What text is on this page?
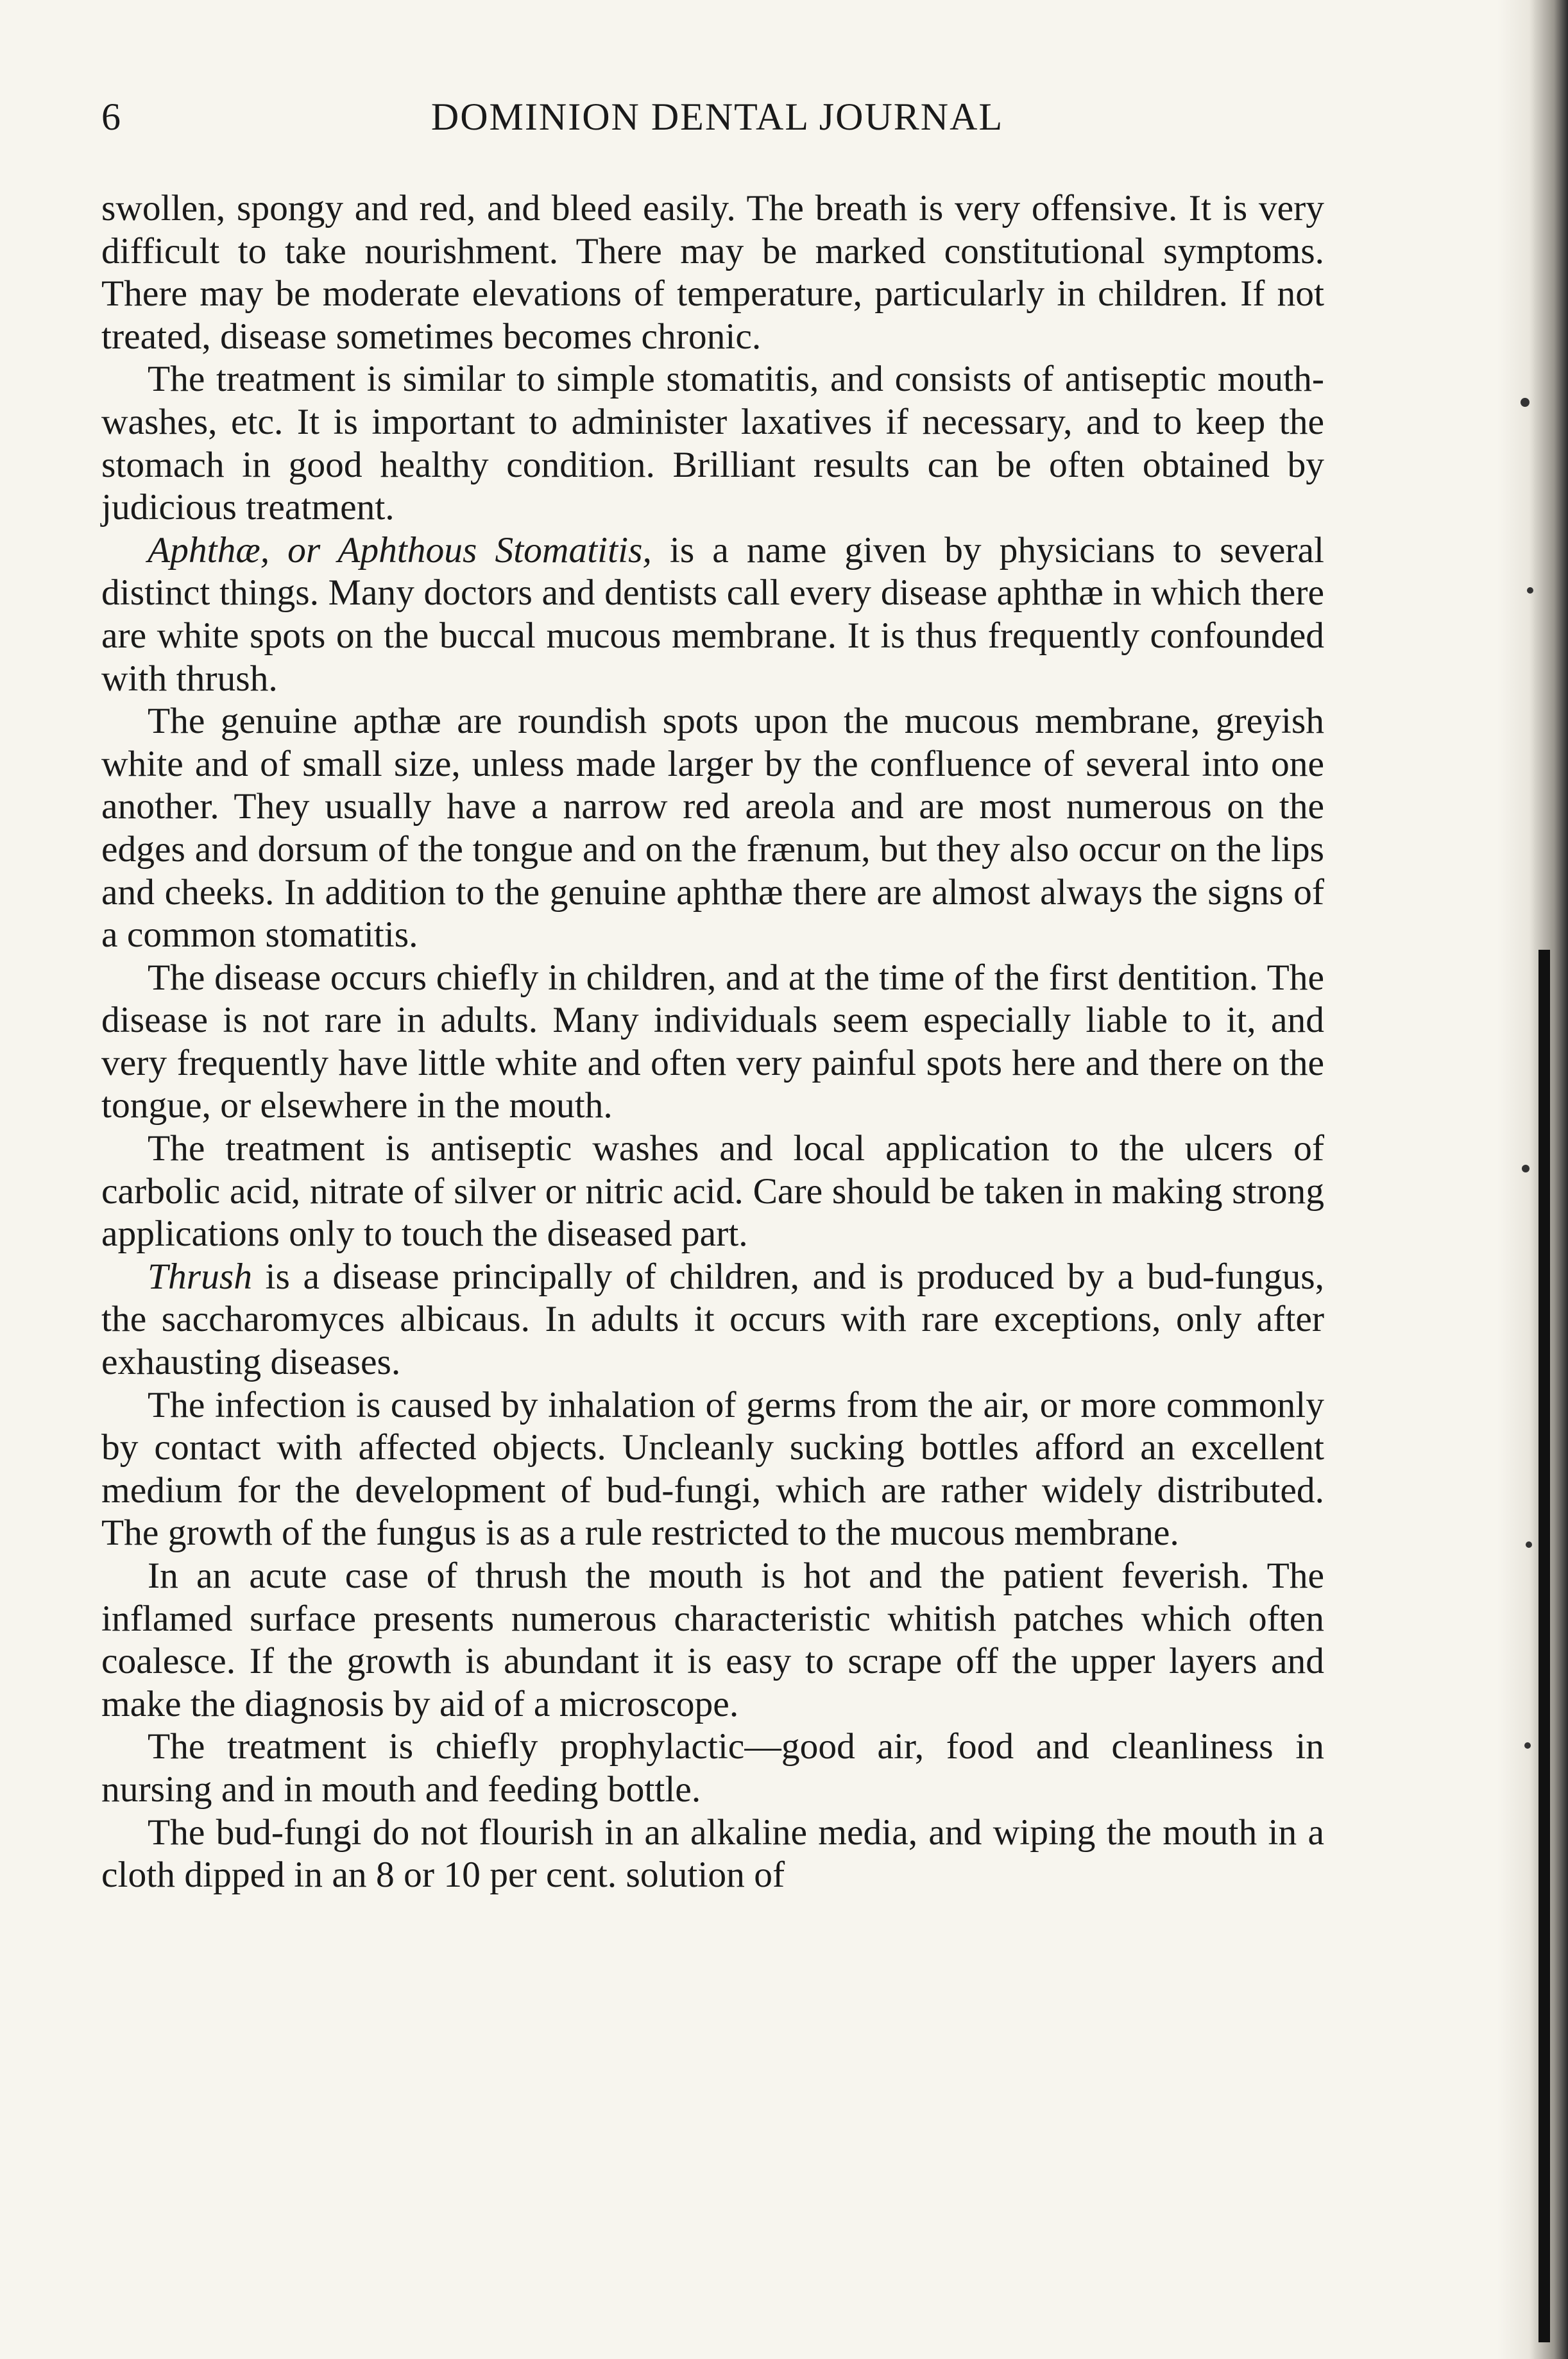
6	DOMINION DENTAL JOURNAL

swollen, spongy and red, and bleed easily. The breath is very offensive. It is very difficult to take nourishment. There may be marked constitutional symptoms. There may be moderate elevations of temperature, particularly in children. If not treated, disease sometimes becomes chronic.

The treatment is similar to simple stomatitis, and consists of antiseptic mouth-washes, etc. It is important to administer laxatives if necessary, and to keep the stomach in good healthy condition. Brilliant results can be often obtained by judicious treatment.

Aphthæ, or Aphthous Stomatitis, is a name given by physicians to several distinct things. Many doctors and dentists call every disease aphthæ in which there are white spots on the buccal mucous membrane. It is thus frequently confounded with thrush.

The genuine apthæ are roundish spots upon the mucous membrane, greyish white and of small size, unless made larger by the confluence of several into one another. They usually have a narrow red areola and are most numerous on the edges and dorsum of the tongue and on the frænum, but they also occur on the lips and cheeks. In addition to the genuine aphthæ there are almost always the signs of a common stomatitis.

The disease occurs chiefly in children, and at the time of the first dentition. The disease is not rare in adults. Many individuals seem especially liable to it, and very frequently have little white and often very painful spots here and there on the tongue, or elsewhere in the mouth.

The treatment is antiseptic washes and local application to the ulcers of carbolic acid, nitrate of silver or nitric acid. Care should be taken in making strong applications only to touch the diseased part.

Thrush is a disease principally of children, and is produced by a bud-fungus, the saccharomyces albicaus. In adults it occurs with rare exceptions, only after exhausting diseases.

The infection is caused by inhalation of germs from the air, or more commonly by contact with affected objects. Uncleanly sucking bottles afford an excellent medium for the development of bud-fungi, which are rather widely distributed. The growth of the fungus is as a rule restricted to the mucous membrane.

In an acute case of thrush the mouth is hot and the patient feverish. The inflamed surface presents numerous characteristic whitish patches which often coalesce. If the growth is abundant it is easy to scrape off the upper layers and make the diagnosis by aid of a microscope.

The treatment is chiefly prophylactic—good air, food and cleanliness in nursing and in mouth and feeding bottle.

The bud-fungi do not flourish in an alkaline media, and wiping the mouth in a cloth dipped in an 8 or 10 per cent. solution of
